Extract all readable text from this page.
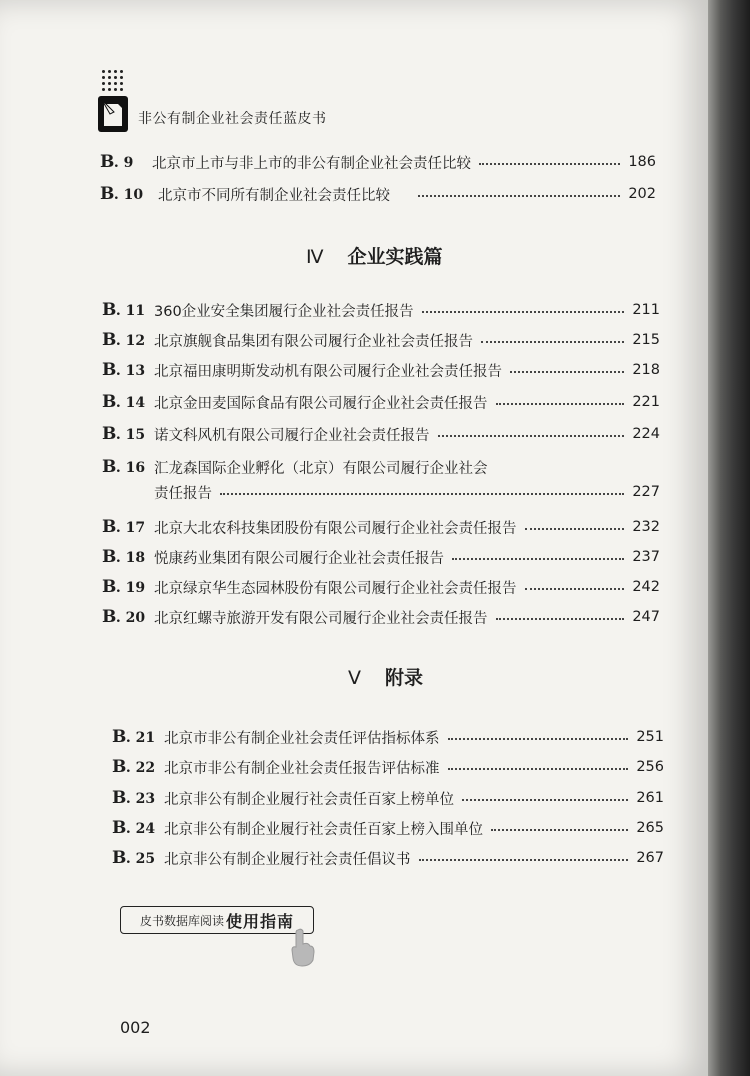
非公有制企业社会责任蓝皮书
B. 9	北京市上市与非上市的非公有制企业社会责任比较	186
B. 10	北京市不同所有制企业社会责任比较	202
Ⅳ 企业实践篇
B. 11 360企业安全集团履行企业社会责任报告	211
B. 12 北京旗舰食品集团有限公司履行企业社会责任报告	215
B. 13 北京福田康明斯发动机有限公司履行企业社会责任报告	218
B. 14 北京金田麦国际食品有限公司履行企业社会责任报告	221
B. 15 诺文科风机有限公司履行企业社会责任报告	224
B. 16 汇龙森国际企业孵化（北京）有限公司履行企业社会
责任报告	227
B. 17 北京大北农科技集团股份有限公司履行企业社会责任报告	232
B. 18 悦康药业集团有限公司履行企业社会责任报告	237
B. 19 北京绿京华生态园林股份有限公司履行企业社会责任报告	242
B. 20 北京红螺寺旅游开发有限公司履行企业社会责任报告	247
Ⅴ 附录
B. 21 北京市非公有制企业社会责任评估指标体系	251
B. 22 北京市非公有制企业社会责任报告评估标准	256
B. 23 北京非公有制企业履行社会责任百家上榜单位	261
B. 24 北京非公有制企业履行社会责任百家上榜入围单位	265
B. 25 北京非公有制企业履行社会责任倡议书	267
皮书数据库阅读 使用指南
002
